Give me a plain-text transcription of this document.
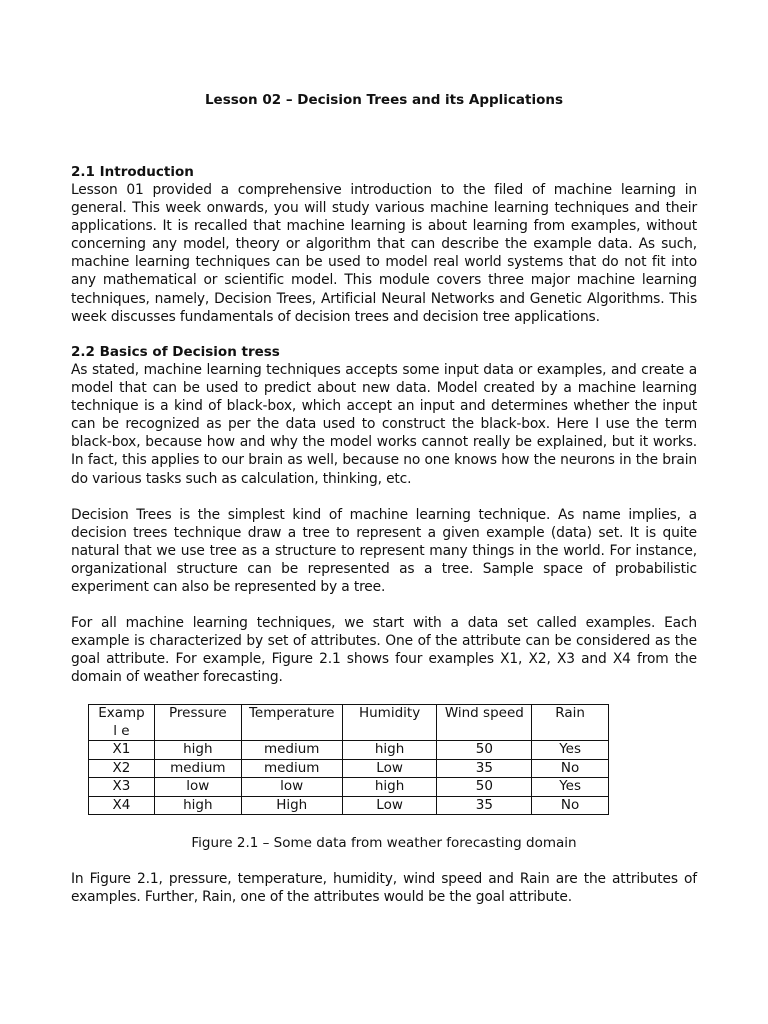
Lesson 02 – Decision Trees and its Applications
2.1 Introduction
Lesson 01 provided a comprehensive introduction to the filed of machine learning in general. This week onwards, you will study various machine learning techniques and their applications. It is recalled that machine learning is about learning from examples, without concerning any model, theory or algorithm that can describe the example data. As such, machine learning techniques can be used to model real world systems that do not fit into any mathematical or scientific model. This module covers three major machine learning techniques, namely, Decision Trees, Artificial Neural Networks and Genetic Algorithms. This week discusses fundamentals of decision trees and decision tree applications.
2.2 Basics of Decision tress
As stated, machine learning techniques accepts some input data or examples, and create a model that can be used to predict about new data. Model created by a machine learning technique is a kind of black-box, which accept an input and determines whether the input can be recognized as per the data used to construct the black-box. Here I use the term black-box, because how and why the model works cannot really be explained, but it works. In fact, this applies to our brain as well, because no one knows how the neurons in the brain do various tasks such as calculation, thinking, etc.
Decision Trees is the simplest kind of machine learning technique. As name implies, a decision trees technique draw a tree to represent a given example (data) set. It is quite natural that we use tree as a structure to represent many things in the world. For instance, organizational structure can be represented as a tree. Sample space of probabilistic experiment can also be represented by a tree.
For all machine learning techniques, we start with a data set called examples. Each example is characterized by set of attributes. One of the attribute can be considered as the goal attribute. For example, Figure 2.1 shows four examples X1, X2, X3 and X4 from the domain of weather forecasting.
Exampl e	Pressure	Temperature	Humidity	Wind speed	Rain
X1	high	medium	high	50	Yes
X2	medium	medium	Low	35	No
X3	low	low	high	50	Yes
X4	high	High	Low	35	No
Figure 2.1 – Some data from weather forecasting domain
In Figure 2.1, pressure, temperature, humidity, wind speed and Rain are the attributes of examples. Further, Rain, one of the attributes would be the goal attribute.
